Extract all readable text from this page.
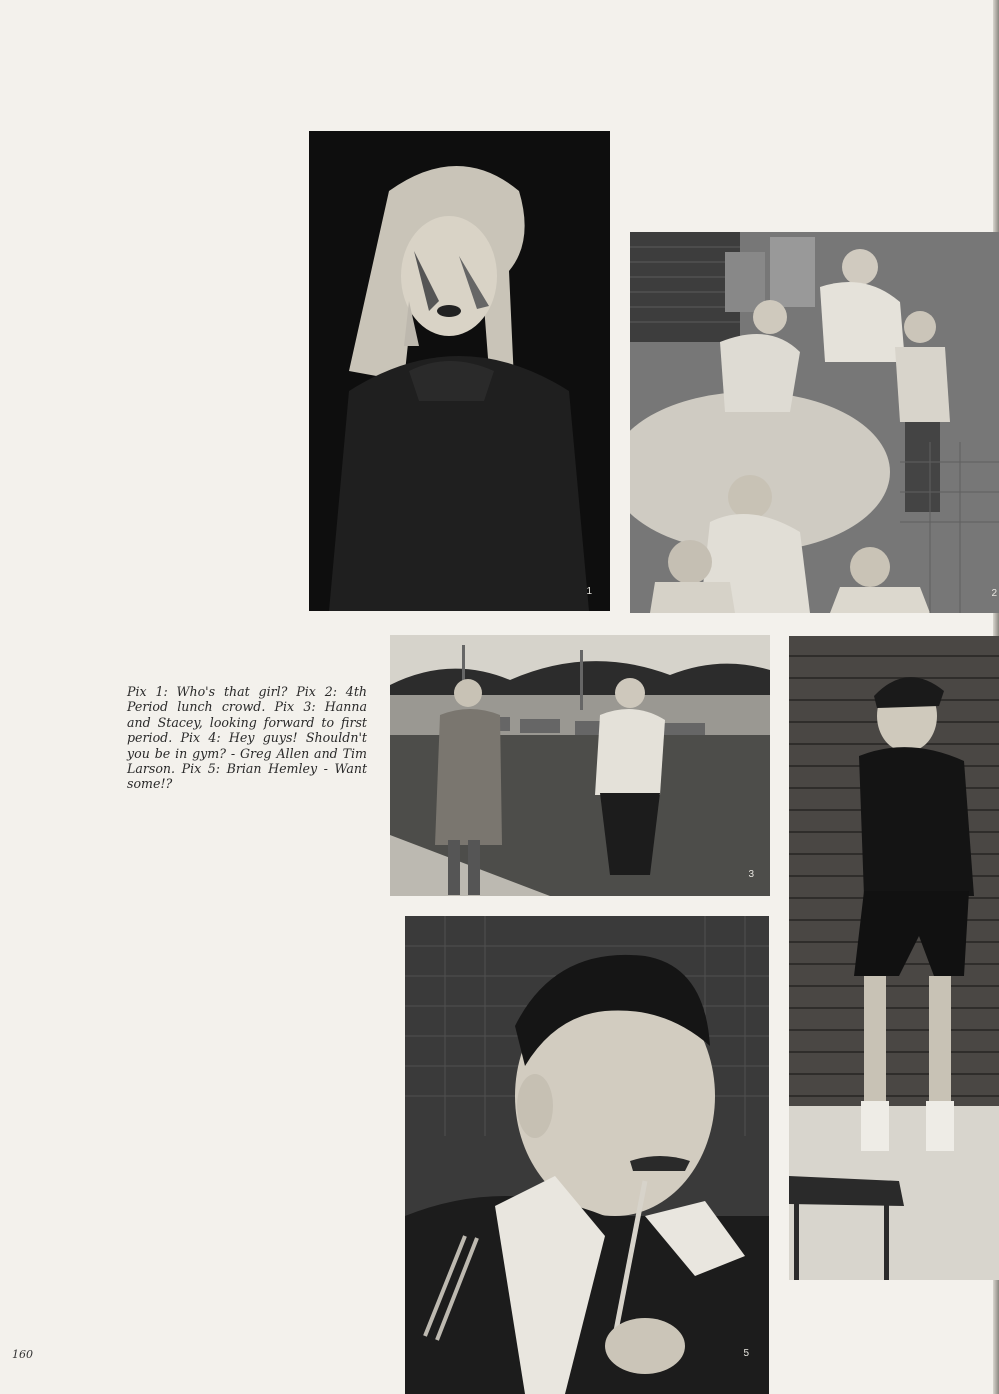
1	2
3
5

Pix 1: Who's that girl? Pix 2: 4th Period lunch crowd. Pix 3: Hanna and Stacey, looking forward to first period. Pix 4: Hey guys! Shouldn't you be in gym? - Greg Allen and Tim Larson. Pix 5: Brian Hemley - Want some!?

160
